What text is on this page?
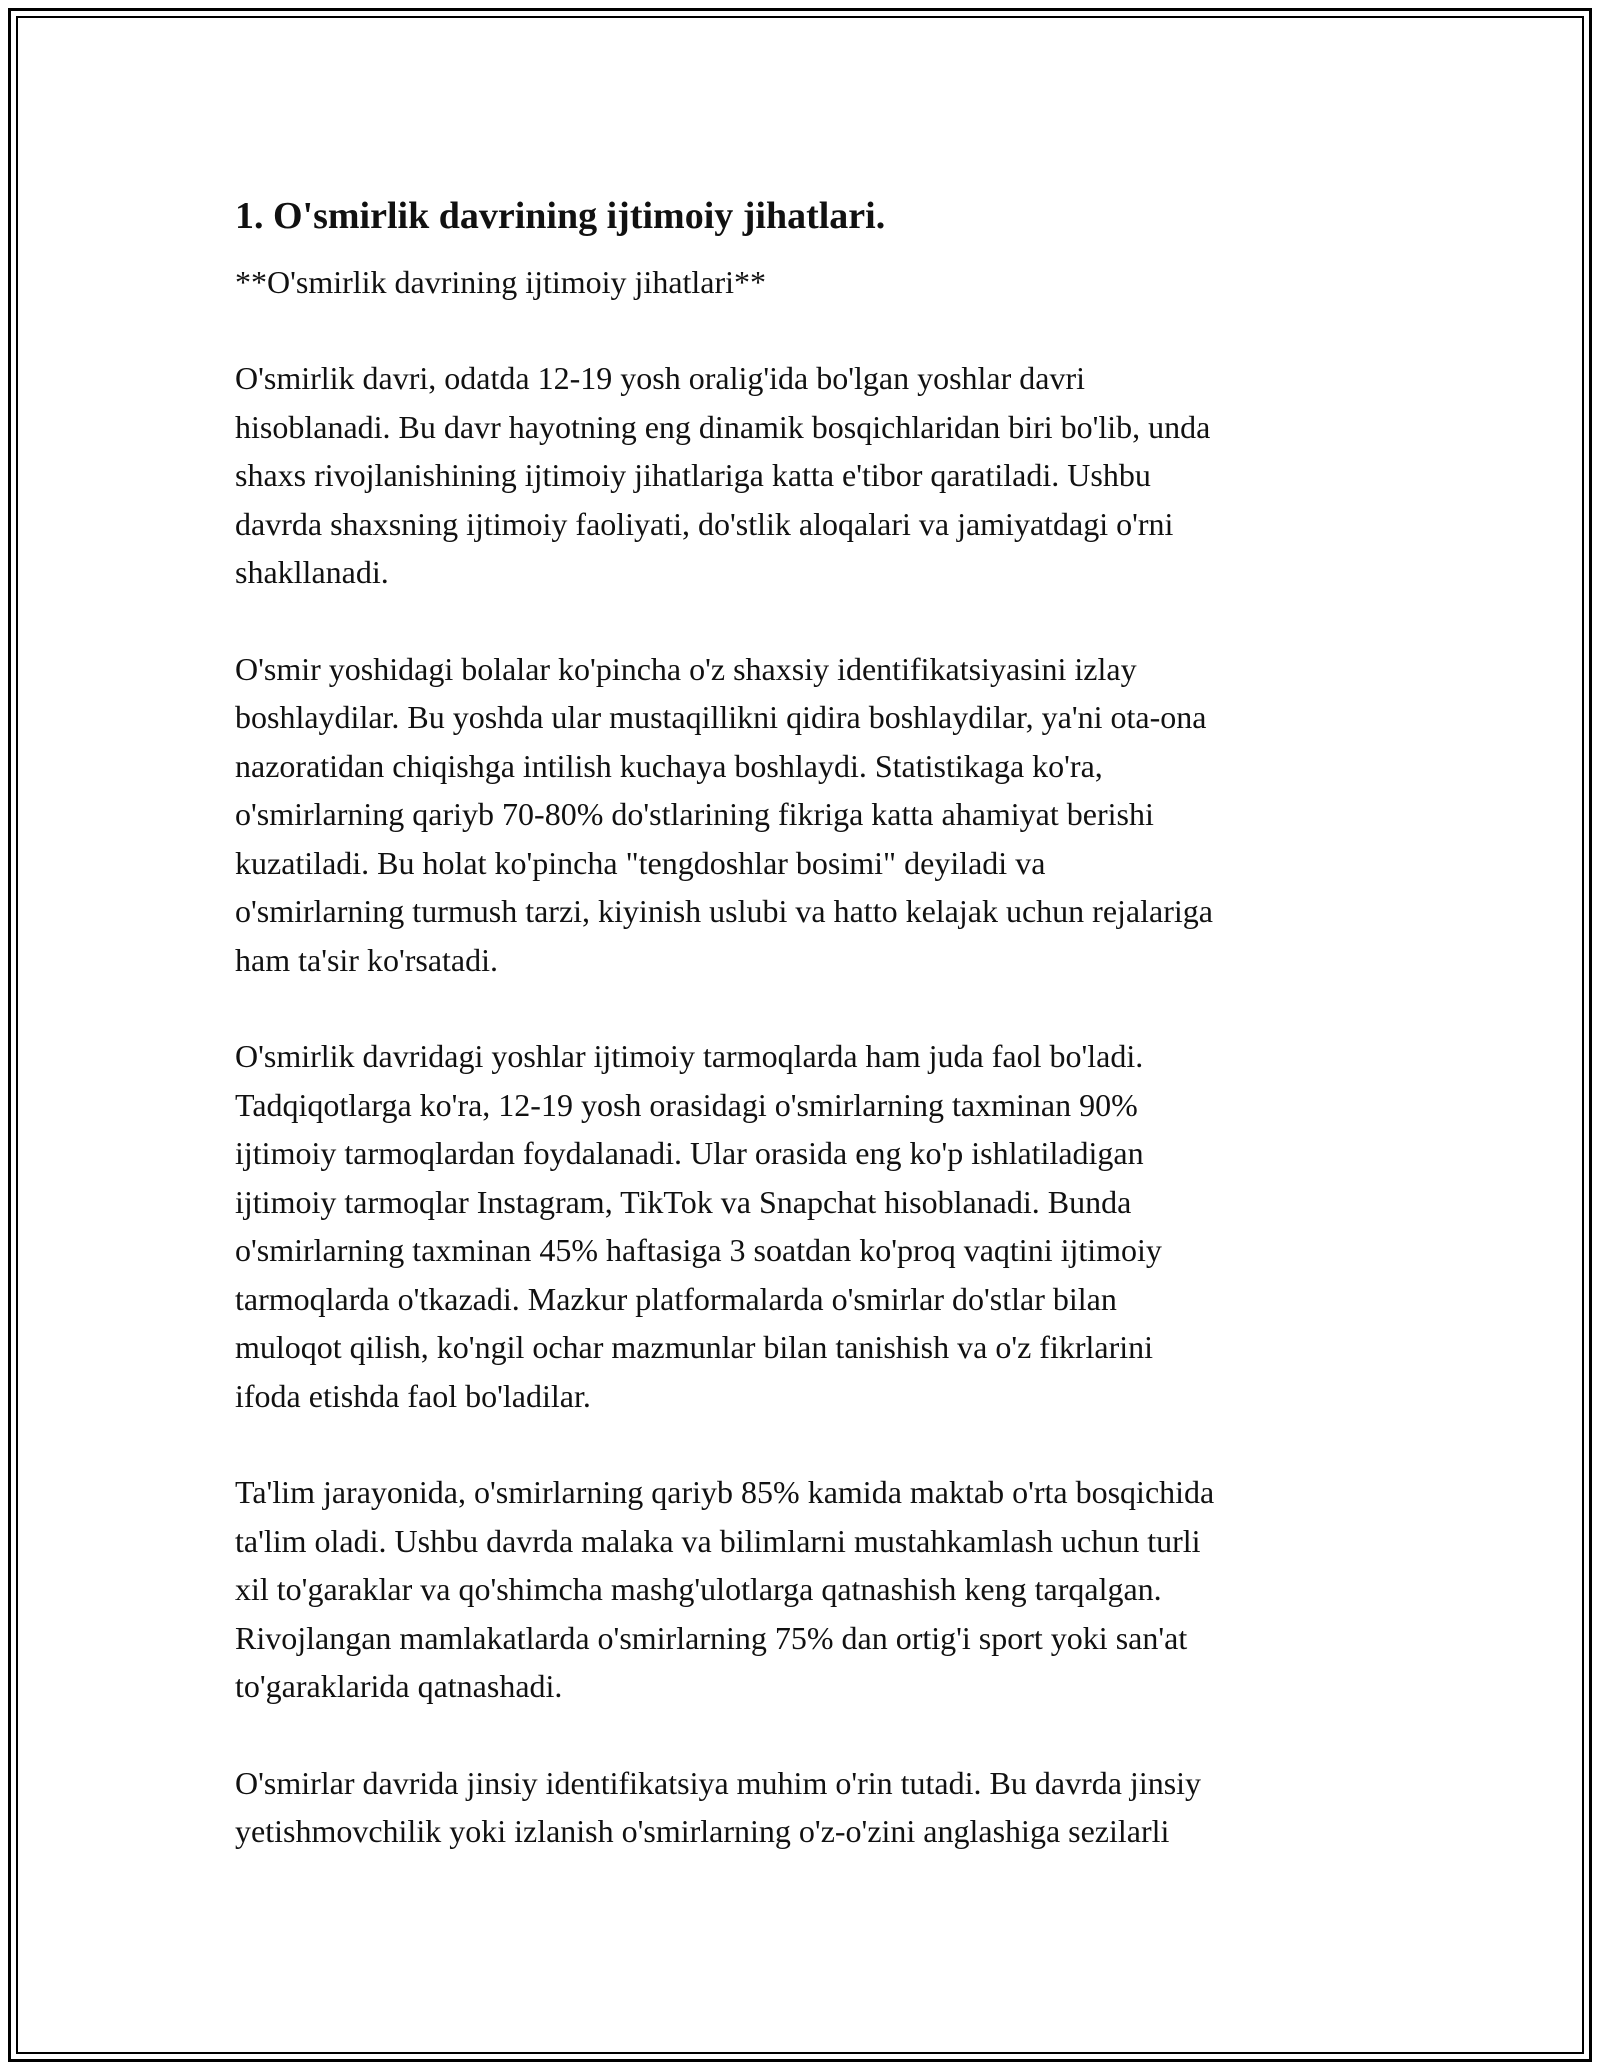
1. O'smirlik davrining ijtimoiy jihatlari.

**O'smirlik davrining ijtimoiy jihatlari**

O'smirlik davri, odatda 12-19 yosh oralig'ida bo'lgan yoshlar davri
hisoblanadi. Bu davr hayotning eng dinamik bosqichlaridan biri bo'lib, unda
shaxs rivojlanishining ijtimoiy jihatlariga katta e'tibor qaratiladi. Ushbu
davrda shaxsning ijtimoiy faoliyati, do'stlik aloqalari va jamiyatdagi o'rni
shakllanadi.

O'smir yoshidagi bolalar ko'pincha o'z shaxsiy identifikatsiyasini izlay
boshlaydilar. Bu yoshda ular mustaqillikni qidira boshlaydilar, ya'ni ota-ona
nazoratidan chiqishga intilish kuchaya boshlaydi. Statistikaga ko'ra,
o'smirlarning qariyb 70-80% do'stlarining fikriga katta ahamiyat berishi
kuzatiladi. Bu holat ko'pincha "tengdoshlar bosimi" deyiladi va
o'smirlarning turmush tarzi, kiyinish uslubi va hatto kelajak uchun rejalariga
ham ta'sir ko'rsatadi.

O'smirlik davridagi yoshlar ijtimoiy tarmoqlarda ham juda faol bo'ladi.
Tadqiqotlarga ko'ra, 12-19 yosh orasidagi o'smirlarning taxminan 90%
ijtimoiy tarmoqlardan foydalanadi. Ular orasida eng ko'p ishlatiladigan
ijtimoiy tarmoqlar Instagram, TikTok va Snapchat hisoblanadi. Bunda
o'smirlarning taxminan 45% haftasiga 3 soatdan ko'proq vaqtini ijtimoiy
tarmoqlarda o'tkazadi. Mazkur platformalarda o'smirlar do'stlar bilan
muloqot qilish, ko'ngil ochar mazmunlar bilan tanishish va o'z fikrlarini
ifoda etishda faol bo'ladilar.

Ta'lim jarayonida, o'smirlarning qariyb 85% kamida maktab o'rta bosqichida
ta'lim oladi. Ushbu davrda malaka va bilimlarni mustahkamlash uchun turli
xil to'garaklar va qo'shimcha mashg'ulotlarga qatnashish keng tarqalgan.
Rivojlangan mamlakatlarda o'smirlarning 75% dan ortig'i sport yoki san'at
to'garaklarida qatnashadi.

O'smirlar davrida jinsiy identifikatsiya muhim o'rin tutadi. Bu davrda jinsiy
yetishmovchilik yoki izlanish o'smirlarning o'z-o'zini anglashiga sezilarli
